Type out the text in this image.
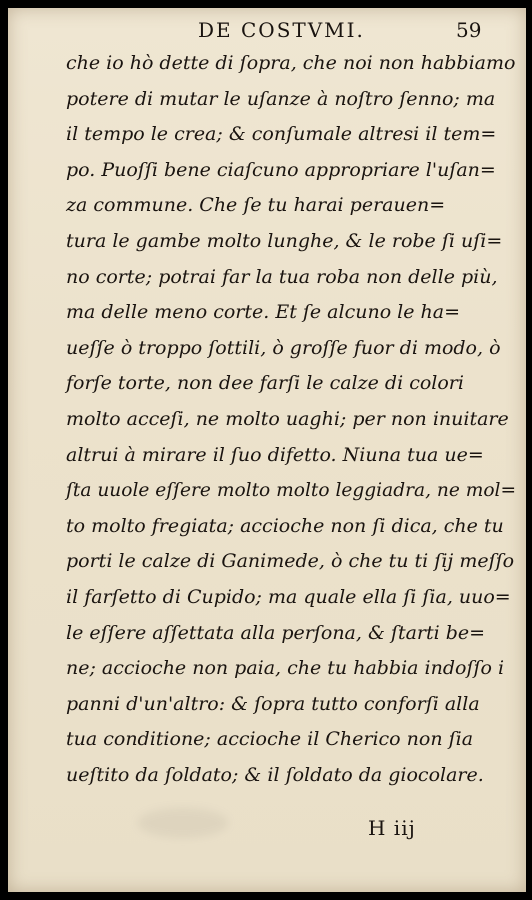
DE COSTVMI.	59
che io hò dette di ſopra, che noi non habbiamo
potere di mutar le uſanze à noſtro ſenno; ma
il tempo le crea; & conſumale altresi il tem=
po. Puoſſi bene ciaſcuno appropriare l'uſan=
za commune. Che ſe tu harai perauen=
tura le gambe molto lunghe, & le robe ſi uſi=
no corte; potrai far la tua roba non delle più,
ma delle meno corte. Et ſe alcuno le ha=
ueſſe ò troppo ſottili, ò groſſe fuor di modo, ò
forſe torte, non dee farſi le calze di colori
molto acceſi, ne molto uaghi; per non inuitare
altrui à mirare il ſuo difetto. Niuna tua ue=
ſta uuole eſſere molto molto leggiadra, ne mol=
to molto fregiata; accioche non ſi dica, che tu
porti le calze di Ganimede, ò che tu ti ſij meſſo
il farſetto di Cupido; ma quale ella ſi ſia, uuo=
le eſſere aſſettata alla perſona, & ſtarti be=
ne; accioche non paia, che tu habbia indoſſo i
panni d'un'altro: & ſopra tutto conforſi alla
tua conditione; accioche il Cherico non ſia
ueſtito da ſoldato; & il ſoldato da giocolare.
H iij
